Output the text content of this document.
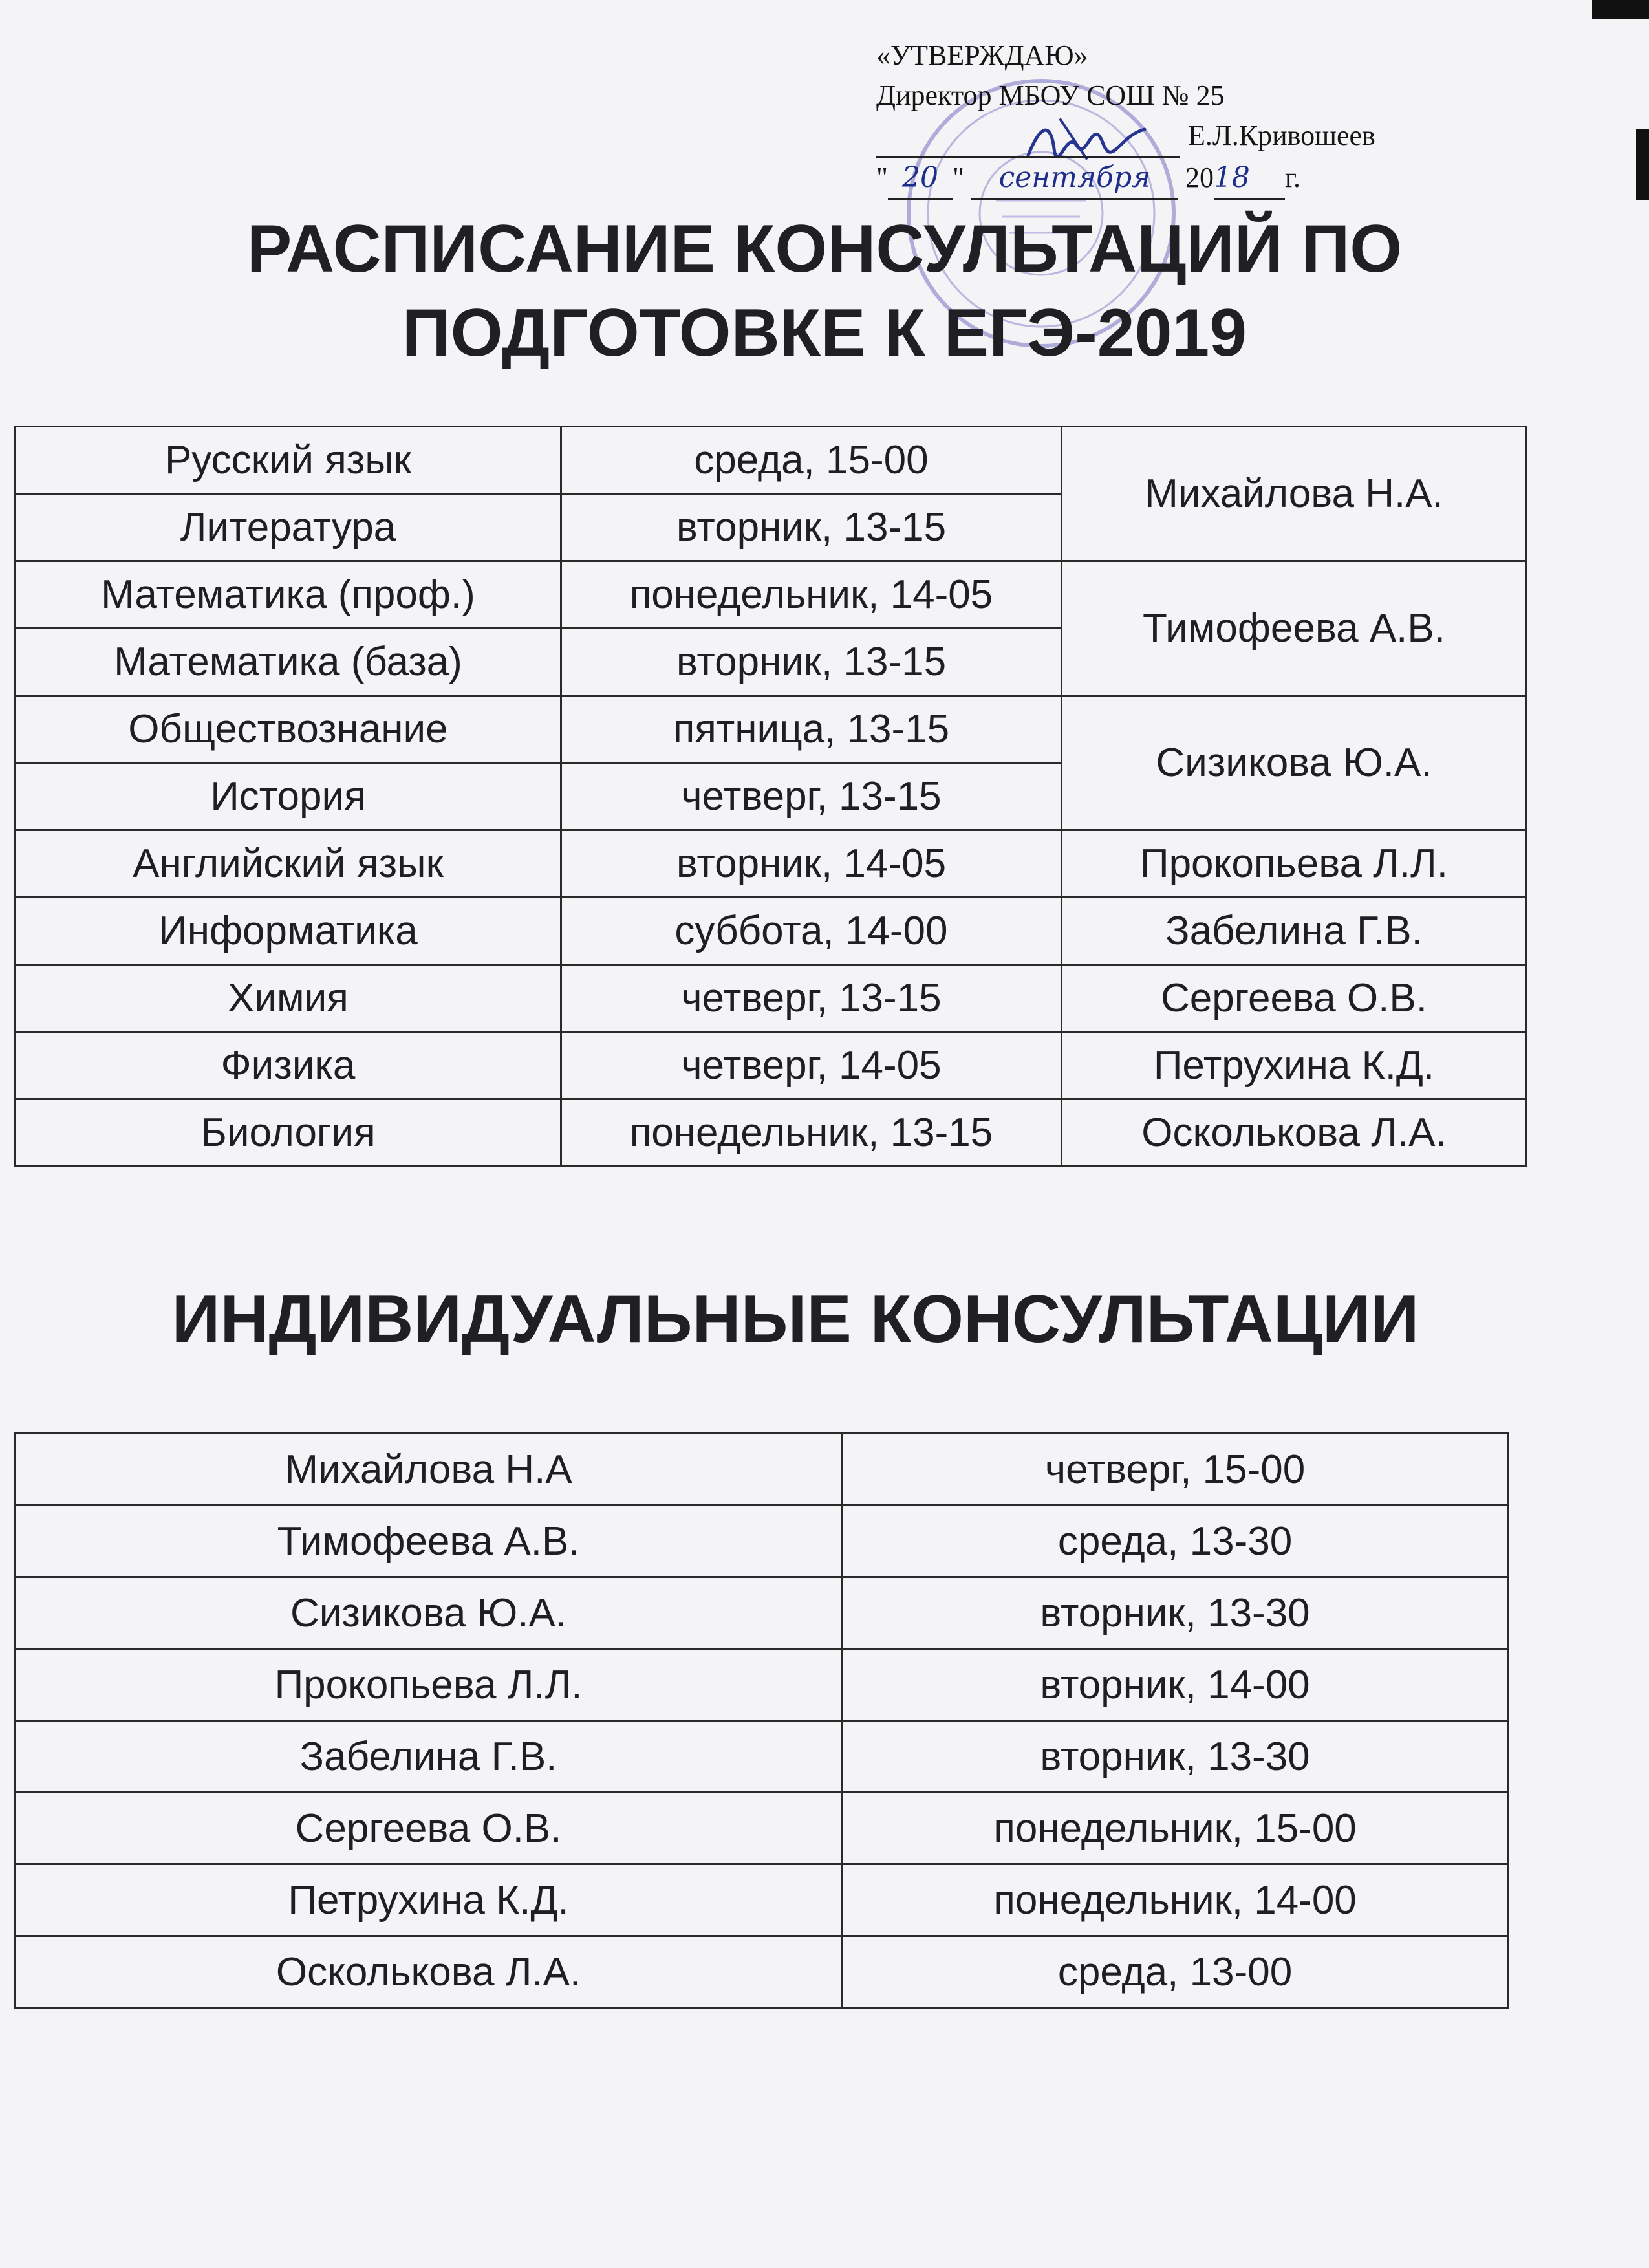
«УТВЕРЖДАЮ»
Директор МБОУ СОШ № 25
Е.Л.Кривошеев
" 20 " сентября 2018 г.
РАСПИСАНИЕ КОНСУЛЬТАЦИЙ ПО
ПОДГОТОВКЕ К ЕГЭ-2019
Русский язык	среда, 15-00	Михайлова Н.А.
Литература	вторник, 13-15	
Математика (проф.)	понедельник, 14-05	Тимофеева А.В.
Математика (база)	вторник, 13-15	
Обществознание	пятница, 13-15	Сизикова Ю.А.
История	четверг, 13-15	
Английский язык	вторник, 14-05	Прокопьева Л.Л.
Информатика	суббота, 14-00	Забелина Г.В.
Химия	четверг, 13-15	Сергеева О.В.
Физика	четверг, 14-05	Петрухина К.Д.
Биология	понедельник, 13-15	Осколькова Л.А.
ИНДИВИДУАЛЬНЫЕ КОНСУЛЬТАЦИИ
Михайлова Н.А	четверг, 15-00
Тимофеева А.В.	среда, 13-30
Сизикова Ю.А.	вторник, 13-30
Прокопьева Л.Л.	вторник, 14-00
Забелина Г.В.	вторник, 13-30
Сергеева О.В.	понедельник, 15-00
Петрухина К.Д.	понедельник, 14-00
Осколькова Л.А.	среда, 13-00
